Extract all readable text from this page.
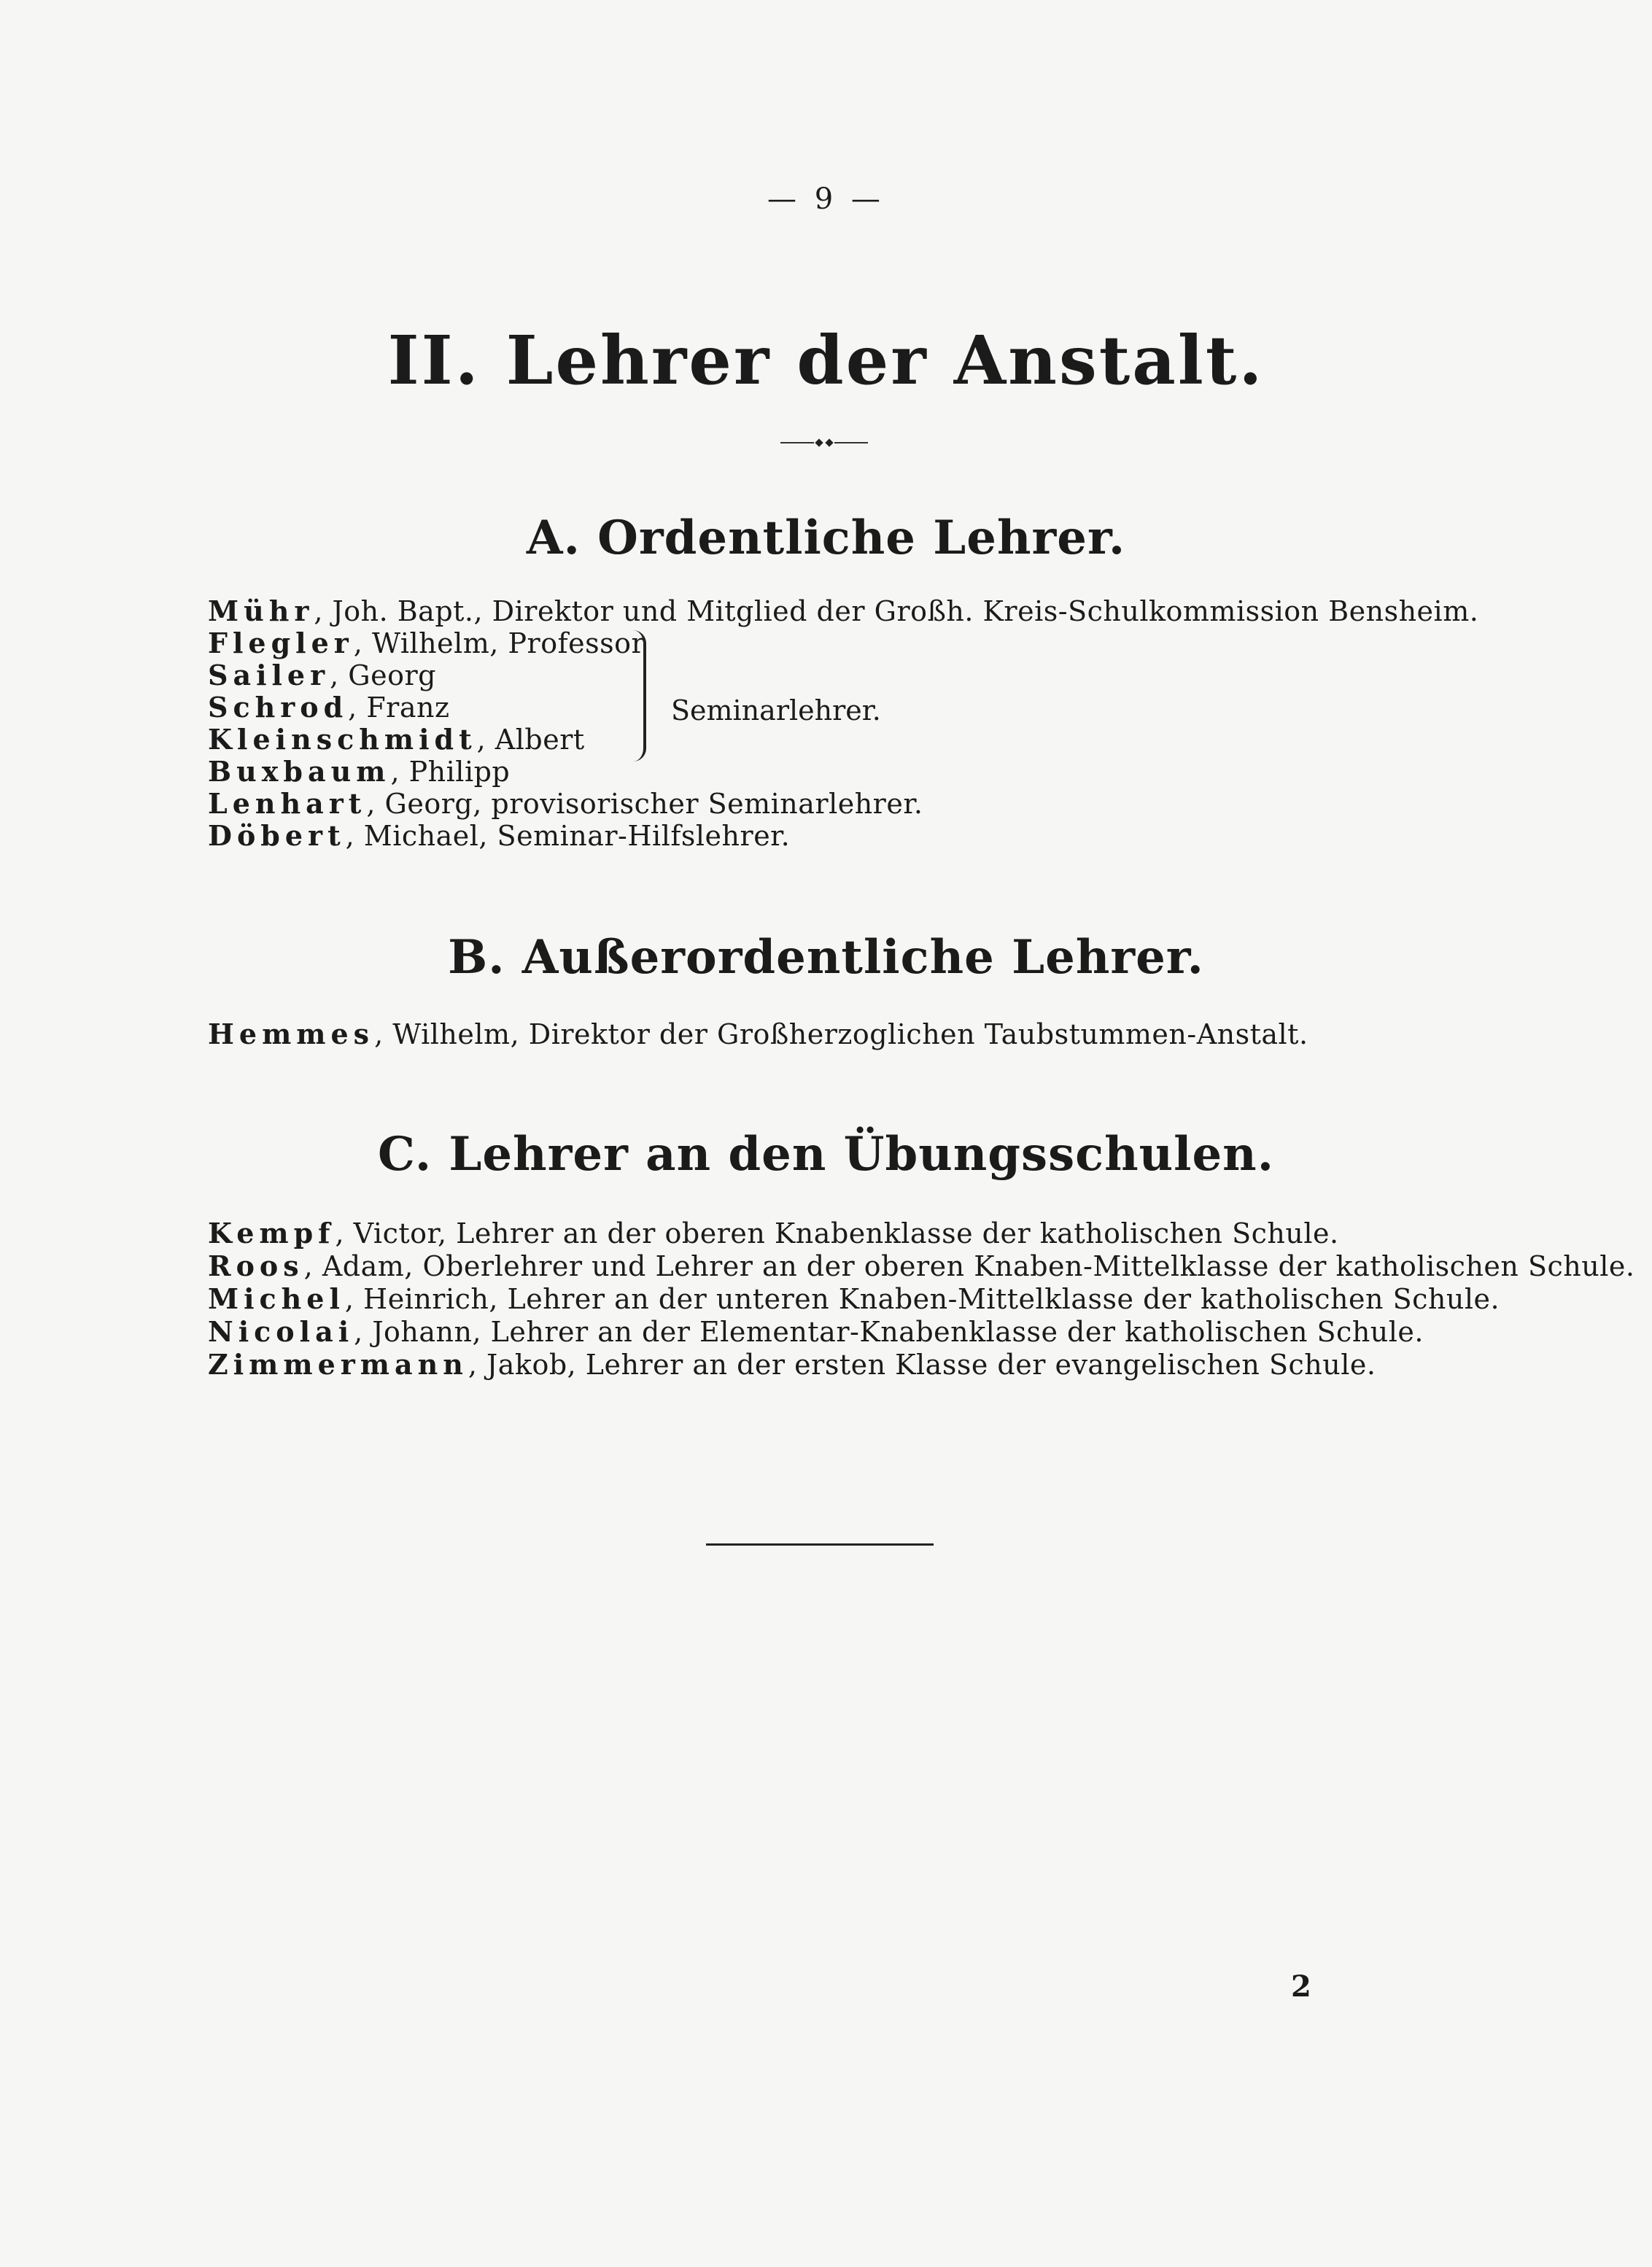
— 9 —
II. Lehrer der Anstalt.
A. Ordentliche Lehrer.
Mühr, Joh. Bapt., Direktor und Mitglied der Großh. Kreis-Schulkommission Bensheim.
Flegler, Wilhelm, Professor
Sailer, Georg
Schrod, Franz
Kleinschmidt, Albert
Buxbaum, Philipp
Lenhart, Georg, provisorischer Seminarlehrer.
Döbert, Michael, Seminar-Hilfslehrer.
Seminarlehrer.
B. Außerordentliche Lehrer.
Hemmes, Wilhelm, Direktor der Großherzoglichen Taubstummen-Anstalt.
C. Lehrer an den Übungsschulen.
Kempf, Victor, Lehrer an der oberen Knabenklasse der katholischen Schule.
Roos, Adam, Oberlehrer und Lehrer an der oberen Knaben-Mittelklasse der katholischen Schule.
Michel, Heinrich, Lehrer an der unteren Knaben-Mittelklasse der katholischen Schule.
Nicolai, Johann, Lehrer an der Elementar-Knabenklasse der katholischen Schule.
Zimmermann, Jakob, Lehrer an der ersten Klasse der evangelischen Schule.
2
